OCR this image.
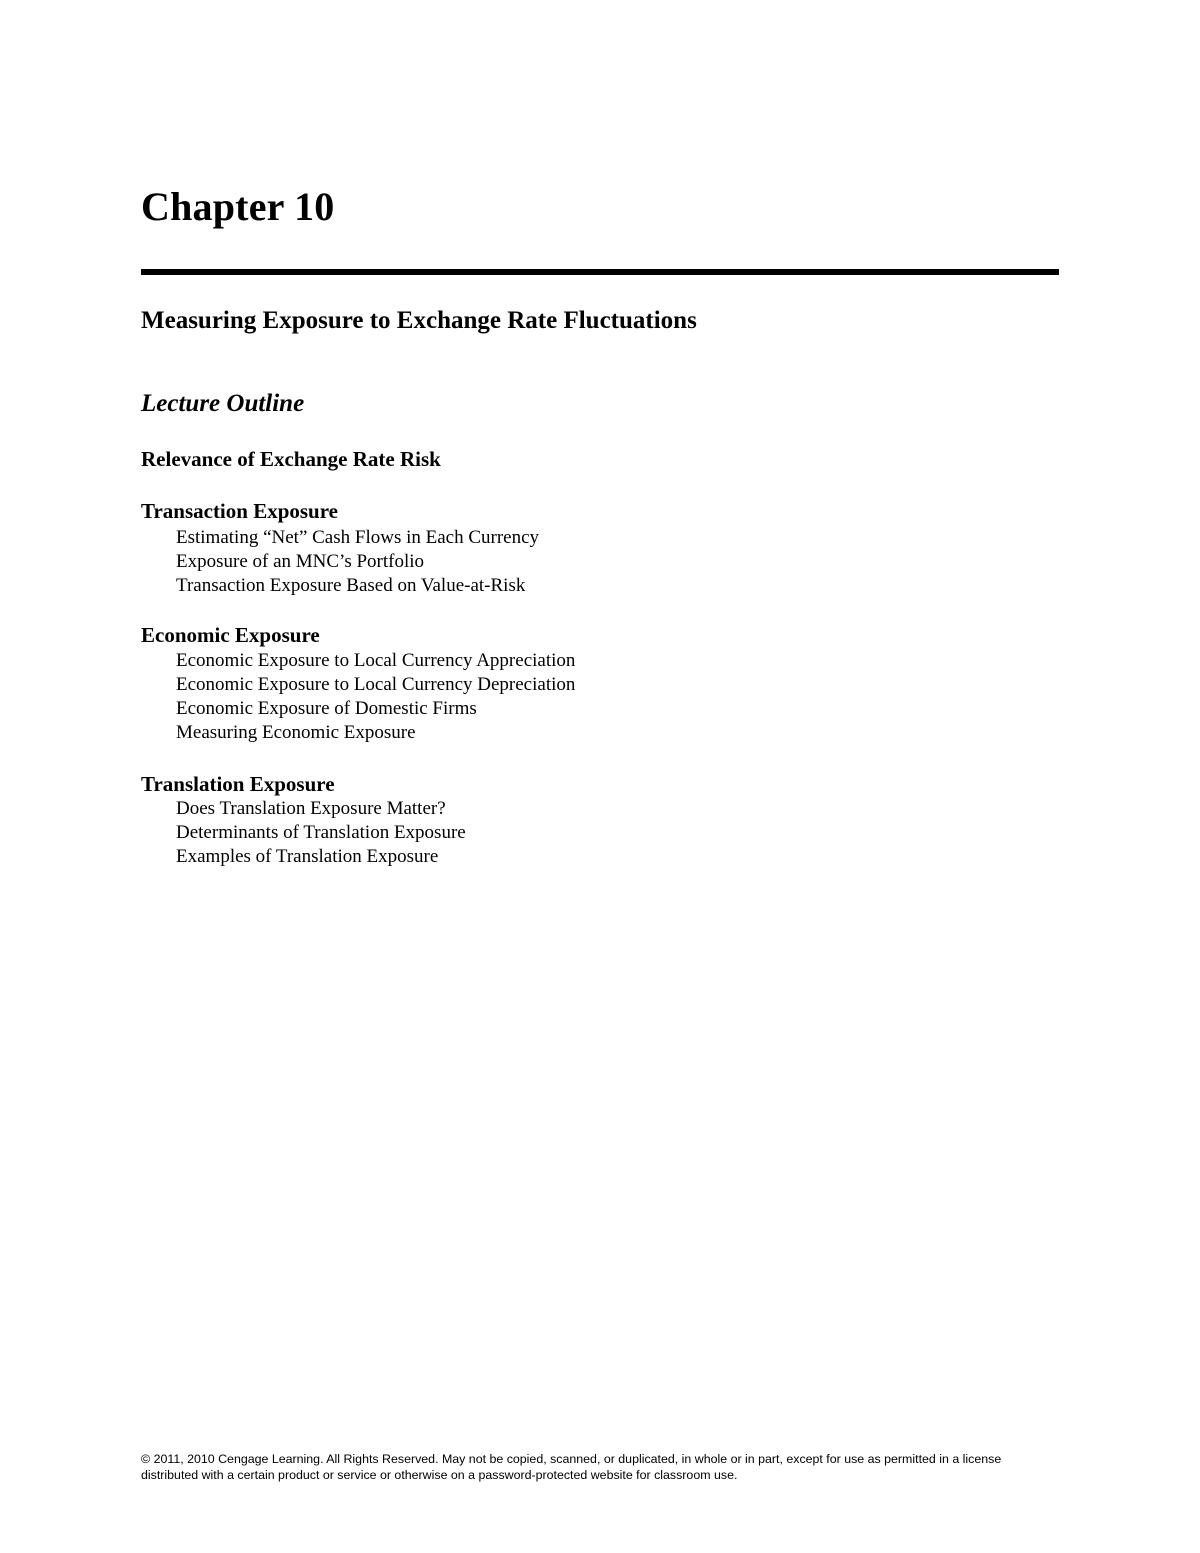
Chapter 10
Measuring Exposure to Exchange Rate Fluctuations
Lecture Outline
Relevance of Exchange Rate Risk
Transaction Exposure
Estimating “Net” Cash Flows in Each Currency
Exposure of an MNC’s Portfolio
Transaction Exposure Based on Value-at-Risk
Economic Exposure
Economic Exposure to Local Currency Appreciation
Economic Exposure to Local Currency Depreciation
Economic Exposure of Domestic Firms
Measuring Economic Exposure
Translation Exposure
Does Translation Exposure Matter?
Determinants of Translation Exposure
Examples of Translation Exposure

© 2011, 2010 Cengage Learning. All Rights Reserved. May not be copied, scanned, or duplicated, in whole or in part, except for use as permitted in a license distributed with a certain product or service or otherwise on a password-protected website for classroom use.
